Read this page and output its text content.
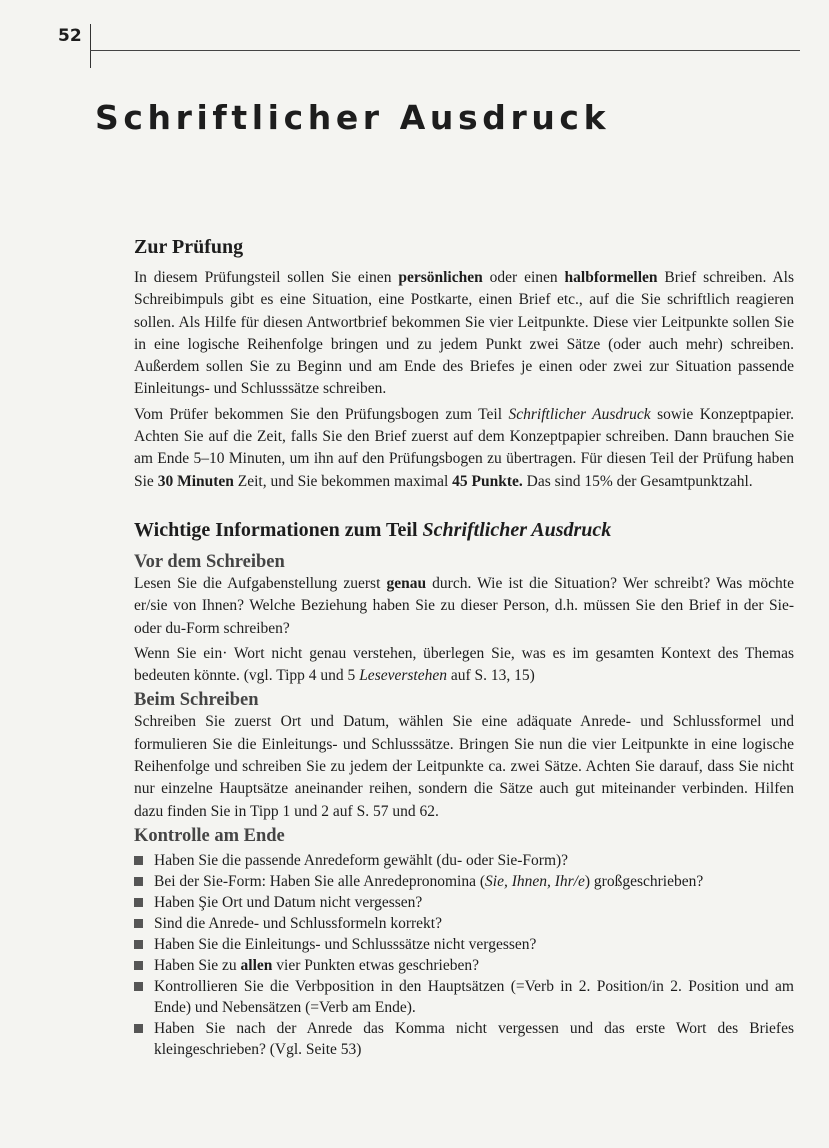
52
Schriftlicher Ausdruck
Zur Prüfung

In diesem Prüfungsteil sollen Sie einen persönlichen oder einen halbformellen Brief schreiben. Als Schreibimpuls gibt es eine Situation, eine Postkarte, einen Brief etc., auf die Sie schriftlich reagieren sollen. Als Hilfe für diesen Antwortbrief bekommen Sie vier Leitpunkte. Diese vier Leitpunkte sollen Sie in eine logische Reihenfolge bringen und zu jedem Punkt zwei Sätze (oder auch mehr) schreiben. Außerdem sollen Sie zu Beginn und am Ende des Briefes je einen oder zwei zur Situation passende Einleitungs- und Schlusssätze schreiben.

Vom Prüfer bekommen Sie den Prüfungsbogen zum Teil Schriftlicher Ausdruck sowie Konzeptpapier. Achten Sie auf die Zeit, falls Sie den Brief zuerst auf dem Konzeptpapier schreiben. Dann brauchen Sie am Ende 5–10 Minuten, um ihn auf den Prüfungsbogen zu übertragen. Für diesen Teil der Prüfung haben Sie 30 Minuten Zeit, und Sie bekommen maximal 45 Punkte. Das sind 15% der Gesamtpunktzahl.

Wichtige Informationen zum Teil Schriftlicher Ausdruck
Vor dem Schreiben

Lesen Sie die Aufgabenstellung zuerst genau durch. Wie ist die Situation? Wer schreibt? Was möchte er/sie von Ihnen? Welche Beziehung haben Sie zu dieser Person, d.h. müssen Sie den Brief in der Sie- oder du-Form schreiben?

Wenn Sie ein· Wort nicht genau verstehen, überlegen Sie, was es im gesamten Kontext des Themas bedeuten könnte. (vgl. Tipp 4 und 5 Leseverstehen auf S. 13, 15)

Beim Schreiben

Schreiben Sie zuerst Ort und Datum, wählen Sie eine adäquate Anrede- und Schlussformel und formulieren Sie die Einleitungs- und Schlusssätze. Bringen Sie nun die vier Leitpunkte in eine logische Reihenfolge und schreiben Sie zu jedem der Leitpunkte ca. zwei Sätze. Achten Sie darauf, dass Sie nicht nur einzelne Hauptsätze aneinander reihen, sondern die Sätze auch gut miteinander verbinden. Hilfen dazu finden Sie in Tipp 1 und 2 auf S. 57 und 62.

Kontrolle am Ende
Haben Sie die passende Anredeform gewählt (du- oder Sie-Form)?
Bei der Sie-Form: Haben Sie alle Anredepronomina (Sie, Ihnen, Ihr/e) großgeschrieben?
Haben Şie Ort und Datum nicht vergessen?
Sind die Anrede- und Schlussformeln korrekt?
Haben Sie die Einleitungs- und Schlusssätze nicht vergessen?
Haben Sie zu allen vier Punkten etwas geschrieben?
Kontrollieren Sie die Verbposition in den Hauptsätzen (=Verb in 2. Position/in 2. Position und am Ende) und Nebensätzen (=Verb am Ende).
Haben Sie nach der Anrede das Komma nicht vergessen und das erste Wort des Briefes kleingeschrieben? (Vgl. Seite 53)
